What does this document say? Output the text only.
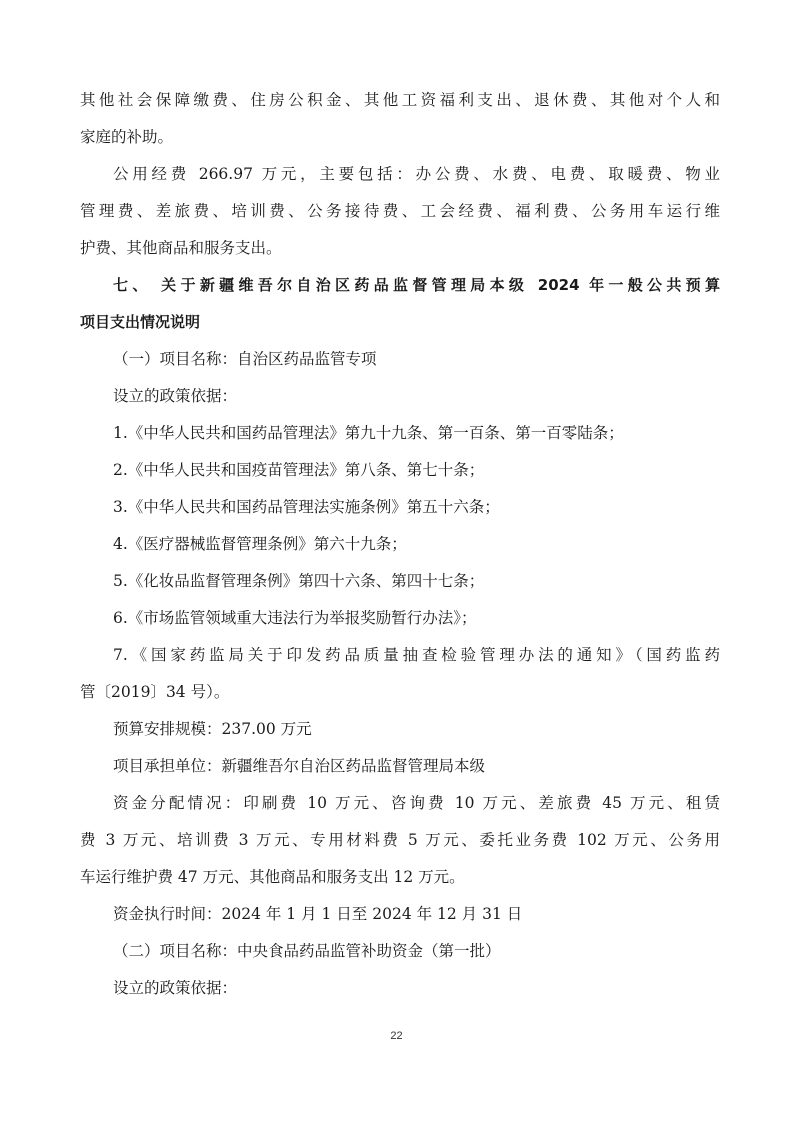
其他社会保障缴费、住房公积金、其他工资福利支出、退休费、其他对个人和
家庭的补助。
公用经费 266.97 万元，主要包括：办公费、水费、电费、取暖费、物业
管理费、差旅费、培训费、公务接待费、工会经费、福利费、公务用车运行维
护费、其他商品和服务支出。
七、 关于新疆维吾尔自治区药品监督管理局本级 2024 年一般公共预算
项目支出情况说明
（一）项目名称：自治区药品监管专项
设立的政策依据：
1.《中华人民共和国药品管理法》第九十九条、第一百条、第一百零陆条；
2.《中华人民共和国疫苗管理法》第八条、第七十条；
3.《中华人民共和国药品管理法实施条例》第五十六条；
4.《医疗器械监督管理条例》第六十九条；
5.《化妆品监督管理条例》第四十六条、第四十七条；
6.《市场监管领域重大违法行为举报奖励暂行办法》；
7.《国家药监局关于印发药品质量抽查检验管理办法的通知》（国药监药
管〔2019〕34 号）。
预算安排规模：237.00 万元
项目承担单位：新疆维吾尔自治区药品监督管理局本级
资金分配情况：印刷费 10 万元、咨询费 10 万元、差旅费 45 万元、租赁
费 3 万元、培训费 3 万元、专用材料费 5 万元、委托业务费 102 万元、公务用
车运行维护费 47 万元、其他商品和服务支出 12 万元。
资金执行时间：2024 年 1 月 1 日至 2024 年 12 月 31 日
（二）项目名称：中央食品药品监管补助资金（第一批）
设立的政策依据：
22
